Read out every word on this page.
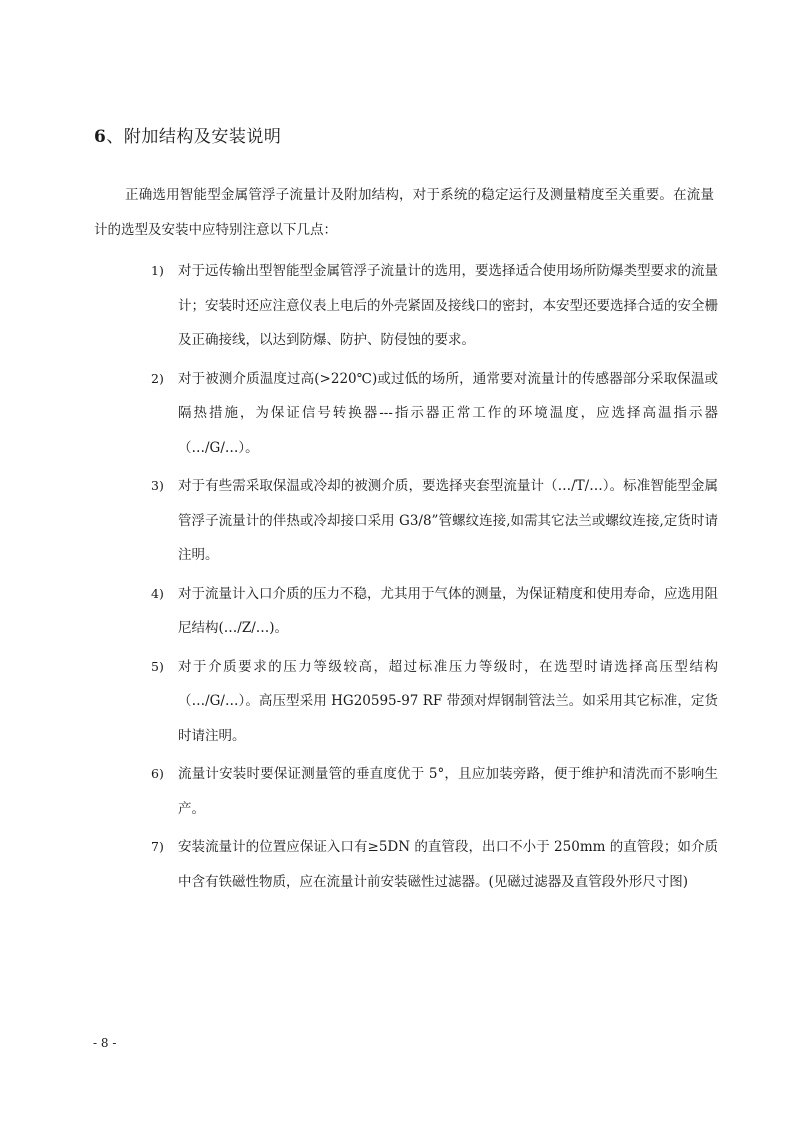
6、附加结构及安装说明

正确选用智能型金属管浮子流量计及附加结构，对于系统的稳定运行及测量精度至关重要。在流量计的选型及安装中应特别注意以下几点：

1) 对于远传输出型智能型金属管浮子流量计的选用，要选择适合使用场所防爆类型要求的流量计；安装时还应注意仪表上电后的外壳紧固及接线口的密封，本安型还要选择合适的安全栅及正确接线，以达到防爆、防护、防侵蚀的要求。
2) 对于被测介质温度过高(>220℃)或过低的场所，通常要对流量计的传感器部分采取保温或隔热措施，为保证信号转换器---指示器正常工作的环境温度，应选择高温指示器（…/G/…）。
3) 对于有些需采取保温或冷却的被测介质，要选择夹套型流量计（…/T/…）。标准智能型金属管浮子流量计的伴热或冷却接口采用 G3/8”管螺纹连接,如需其它法兰或螺纹连接,定货时请注明。
4) 对于流量计入口介质的压力不稳，尤其用于气体的测量，为保证精度和使用寿命，应选用阻尼结构(…/Z/…)。
5) 对于介质要求的压力等级较高，超过标准压力等级时，在选型时请选择高压型结构（…/G/…）。高压型采用 HG20595-97 RF 带颈对焊钢制管法兰。如采用其它标准，定货时请注明。
6) 流量计安装时要保证测量管的垂直度优于 5°，且应加装旁路，便于维护和清洗而不影响生产。
7) 安装流量计的位置应保证入口有≥5DN 的直管段，出口不小于 250mm 的直管段；如介质中含有铁磁性物质，应在流量计前安装磁性过滤器。(见磁过滤器及直管段外形尺寸图)
- 8 -
